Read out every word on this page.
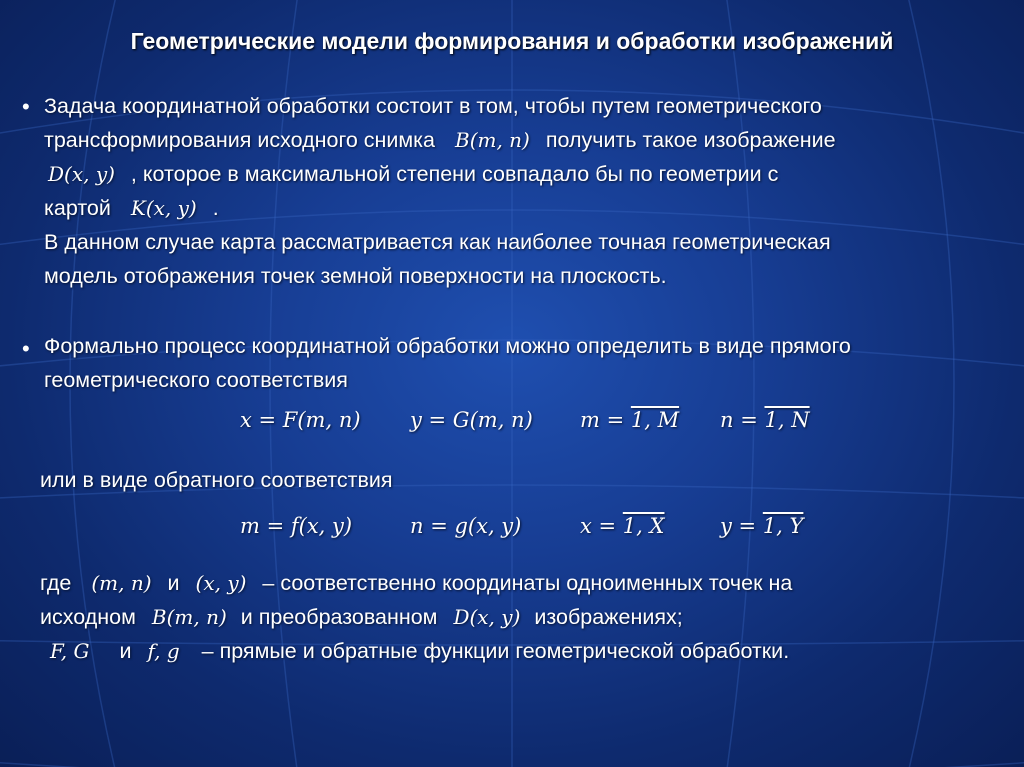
Геометрические модели формирования и обработки изображений
• Задача координатной обработки состоит в том, чтобы путем геометрического

трансформирования исходного снимка B(m, n) получить такое изображение

D(x, y) , которое в максимальной степени совпадало бы по геометрии с

картой K(x, y) .

В данном случае карта рассматривается как наиболее точная геометрическая

модель отображения точек земной поверхности на плоскость.

• Формально процесс координатной обработки можно определить в виде прямого

геометрического соответствия

x = F(m, n) y = G(m, n) m = 1, M n = 1, N
или в виде обратного соответствия
m = f(x, y)	n = g(x, y)	x = 1, X	y = 1, Y

где (m, n) и (x, y) – соответственно координаты одноименных точек на

исходном B(m, n) и преобразованном D(x, y) изображениях;

F, G и f, g – прямые и обратные функции геометрической обработки.
